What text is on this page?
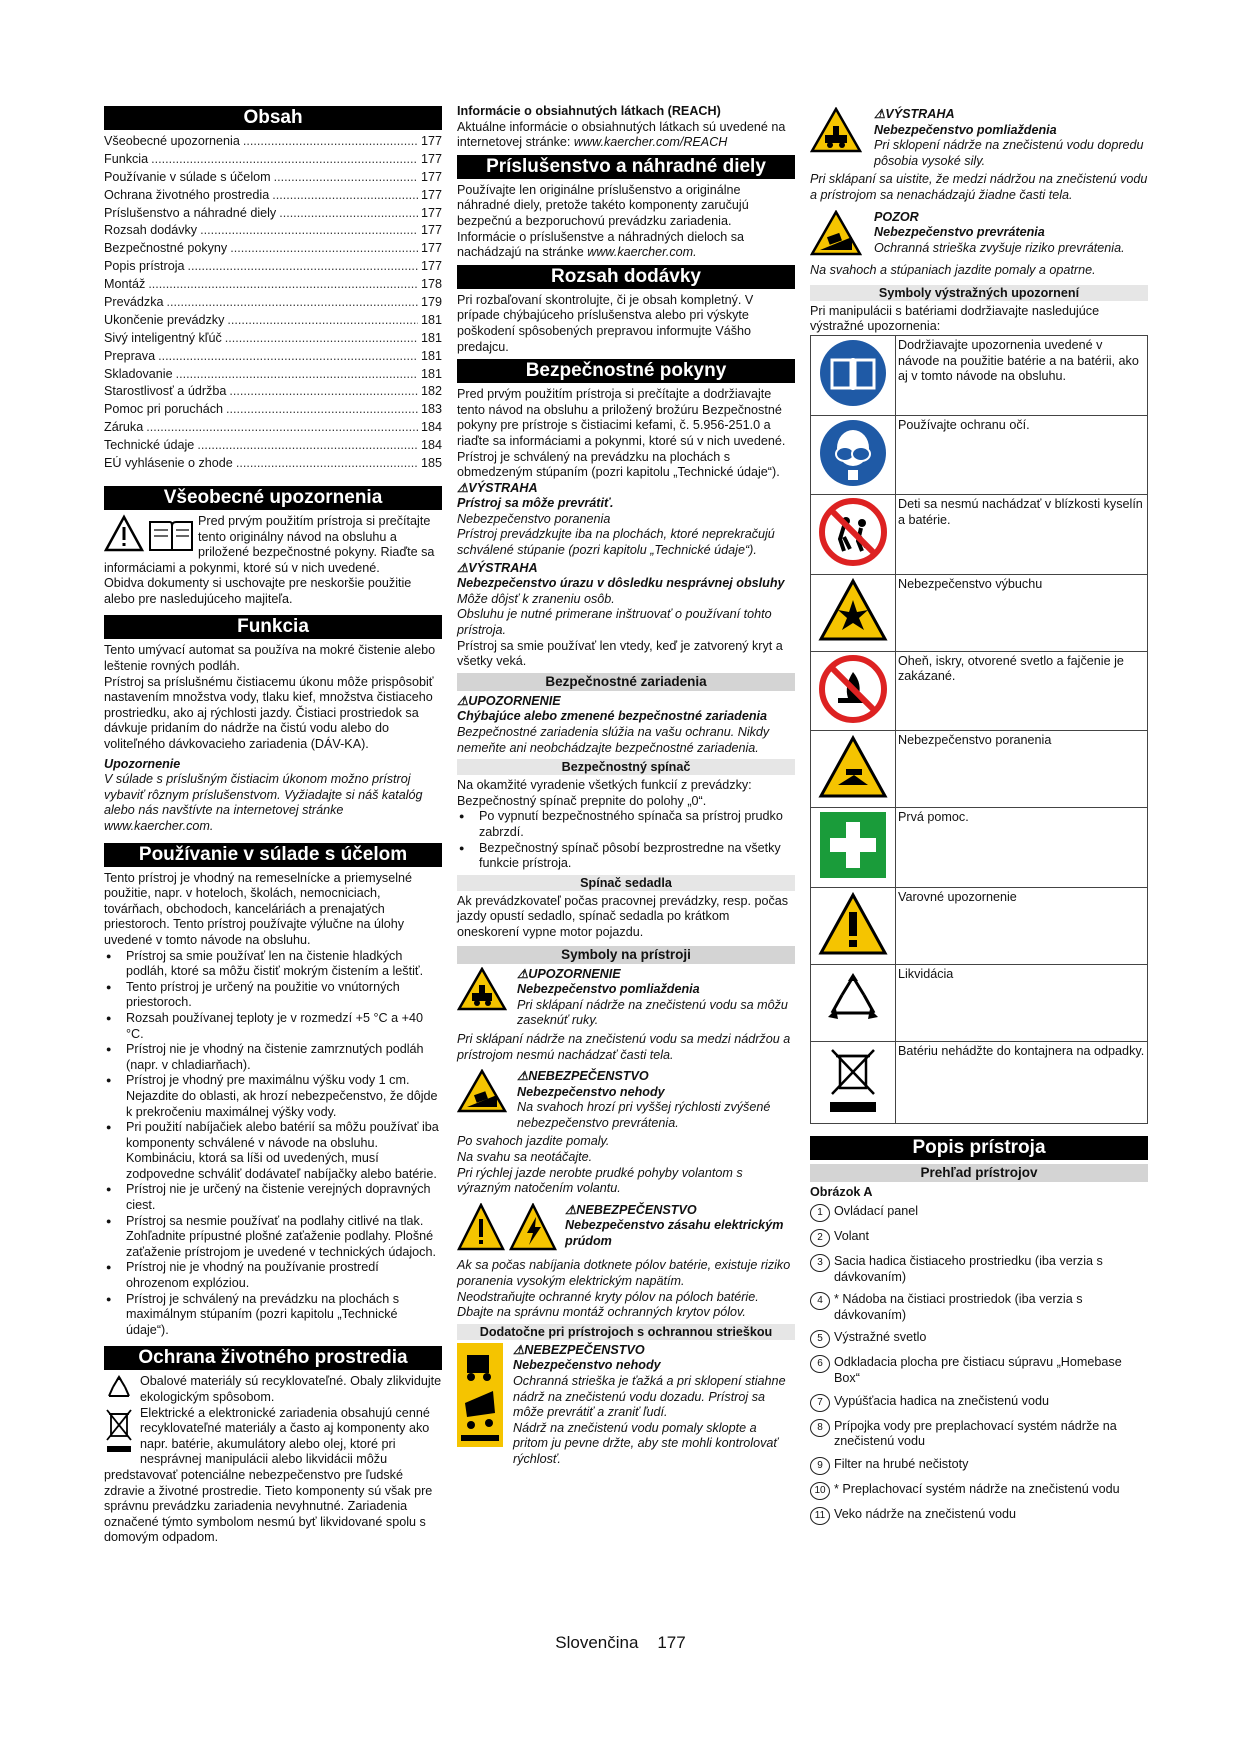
Obsah
Všeobecné upozornenia .....	177
Funkcia .....	177
Používanie v súlade s účelom .....	177
Ochrana životného prostredia .....	177
Príslušenstvo a náhradné diely .....	177
Rozsah dodávky .....	177
Bezpečnostné pokyny .....	177
Popis prístroja .....	177
Montáž .....	178
Prevádzka .....	179
Ukončenie prevádzky .....	181
Sivý inteligentný kľúč .....	181
Preprava .....	181
Skladovanie .....	181
Starostlivosť a údržba .....	182
Pomoc pri poruchách .....	183
Záruka .....	184
Technické údaje .....	184
EÚ vyhlásenie o zhode .....	185
Všeobecné upozornenia

Pred prvým použitím prístroja si prečítajte tento originálny návod na obsluhu a priložené bezpečnostné pokyny. Riaďte sa informáciami a pokynmi, ktoré sú v nich uvedené.

Obidva dokumenty si uschovajte pre neskoršie použitie alebo pre nasledujúceho majiteľa.

Funkcia

Tento umývací automat sa používa na mokré čistenie alebo leštenie rovných podláh.

Prístroj sa príslušnému čistiacemu úkonu môže prispôsobiť nastavením množstva vody, tlaku kief, množstva čistiaceho prostriedku, ako aj rýchlosti jazdy. Čistiaci prostriedok sa dávkuje pridaním do nádrže na čistú vodu alebo do voliteľného dávkovacieho zariadenia (DÁV-KA).

Upozornenie

V súlade s príslušným čistiacim úkonom možno prístroj vybaviť rôznym príslušenstvom. Vyžiadajte si náš katalóg alebo nás navštívte na internetovej stránke www.kaercher.com.

Používanie v súlade s účelom

Tento prístroj je vhodný na remeselnícke a priemyselné použitie, napr. v hoteloch, školách, nemocniciach, továrňach, obchodoch, kanceláriách a prenajatých priestoroch. Tento prístroj používajte výlučne na úlohy uvedené v tomto návode na obsluhu.

● Prístroj sa smie používať len na čistenie hladkých podláh, ktoré sa môžu čistiť mokrým čistením a leštiť.
● Tento prístroj je určený na použitie vo vnútorných priestoroch.
● Rozsah používanej teploty je v rozmedzí +5 °C a +40 °C.
● Prístroj nie je vhodný na čistenie zamrznutých podláh (napr. v chladiarňach).
● Prístroj je vhodný pre maximálnu výšku vody 1 cm. Nejazdite do oblasti, ak hrozí nebezpečenstvo, že dôjde k prekročeniu maximálnej výšky vody.
● Pri použití nabíjačiek alebo batérií sa môžu používať iba komponenty schválené v návode na obsluhu. Kombináciu, ktorá sa líši od uvedených, musí zodpovedne schváliť dodávateľ nabíjačky alebo batérie.
● Prístroj nie je určený na čistenie verejných dopravných ciest.
● Prístroj sa nesmie používať na podlahy citlivé na tlak. Zohľadnite prípustné plošné zaťaženie podlahy. Plošné zaťaženie prístrojom je uvedené v technických údajoch.
● Prístroj nie je vhodný na používanie prostredí ohrozenom explóziou.
● Prístroj je schválený na prevádzku na plochách s maximálnym stúpaním (pozri kapitolu „Technické údaje“).
Ochrana životného prostredia

Obalové materiály sú recyklovateľné. Obaly zlikvidujte ekologickým spôsobom.

Elektrické a elektronické zariadenia obsahujú cenné recyklovateľné materiály a často aj komponenty ako napr. batérie, akumulátory alebo olej, ktoré pri nesprávnej manipulácii alebo likvidácii môžu predstavovať potenciálne nebezpečenstvo pre ľudské zdravie a životné prostredie. Tieto komponenty sú však pre správnu prevádzku zariadenia nevyhnutné. Zariadenia označené týmto symbolom nesmú byť likvidované spolu s domovým odpadom.

Informácie o obsiahnutých látkach (REACH)

Aktuálne informácie o obsiahnutých látkach sú uvedené na internetovej stránke: www.kaercher.com/REACH

Príslušenstvo a náhradné diely

Používajte len originálne príslušenstvo a originálne náhradné diely, pretože takéto komponenty zaručujú bezpečnú a bezporuchovú prevádzku zariadenia.

Informácie o príslušenstve a náhradných dieloch sa nachádzajú na stránke www.kaercher.com.

Rozsah dodávky

Pri rozbaľovaní skontrolujte, či je obsah kompletný. V prípade chýbajúceho príslušenstva alebo pri výskyte poškodení spôsobených prepravou informujte Vášho predajcu.

Bezpečnostné pokyny

Pred prvým použitím prístroja si prečítajte a dodržiavajte tento návod na obsluhu a priložený brožúru Bezpečnostné pokyny pre prístroje s čistiacimi kefami, č. 5.956-251.0 a riaďte sa informáciami a pokynmi, ktoré sú v nich uvedené.

Prístroj je schválený na prevádzku na plochách s obmedzeným stúpaním (pozri kapitolu „Technické údaje“).

⚠VÝSTRAHA

Prístroj sa môže prevrátiť.

Nebezpečenstvo poranenia

Prístroj prevádzkujte iba na plochách, ktoré neprekračujú schválené stúpanie (pozri kapitolu „Technické údaje“).

⚠VÝSTRAHA

Nebezpečenstvo úrazu v dôsledku nesprávnej obsluhy

Môže dôjsť k zraneniu osôb.

Obsluhu je nutné primerane inštruovať o používaní tohto prístroja.

Prístroj sa smie používať len vtedy, keď je zatvorený kryt a všetky veká.

Bezpečnostné zariadenia

⚠UPOZORNENIE

Chýbajúce alebo zmenené bezpečnostné zariadenia

Bezpečnostné zariadenia slúžia na vašu ochranu. Nikdy nemeňte ani neobchádzajte bezpečnostné zariadenia.

Bezpečnostný spínač

Na okamžité vyradenie všetkých funkcií z prevádzky: Bezpečnostný spínač prepnite do polohy „0“.

● Po vypnutí bezpečnostného spínača sa prístroj prudko zabrzdí.
● Bezpečnostný spínač pôsobí bezprostredne na všetky funkcie prístroja.
Spínač sedadla

Ak prevádzkovateľ počas pracovnej prevádzky, resp. počas jazdy opustí sedadlo, spínač sedadla po krátkom oneskorení vypne motor pojazdu.

Symboly na prístroji

⚠UPOZORNENIE

Nebezpečenstvo pomliaždenia

Pri sklápaní nádrže na znečistenú vodu sa môžu zaseknúť ruky.

Pri sklápaní nádrže na znečistenú vodu sa medzi nádržou a prístrojom nesmú nachádzať časti tela.

⚠NEBEZPEČENSTVO

Nebezpečenstvo nehody

Na svahoch hrozí pri vyššej rýchlosti zvýšené nebezpečenstvo prevrátenia.

Po svahoch jazdite pomaly.

Na svahu sa neotáčajte.

Pri rýchlej jazde nerobte prudké pohyby volantom s výrazným natočením volantu.

⚠NEBEZPEČENSTVO

Nebezpečenstvo zásahu elektrickým prúdom

Ak sa počas nabíjania dotknete pólov batérie, existuje riziko poranenia vysokým elektrickým napätím.

Neodstraňujte ochranné kryty pólov na póloch batérie.

Dbajte na správnu montáž ochranných krytov pólov.

Dodatočne pri prístrojoch s ochrannou strieškou

⚠NEBEZPEČENSTVO

Nebezpečenstvo nehody

Ochranná strieška je ťažká a pri sklopení stiahne nádrž na znečistenú vodu dozadu. Prístroj sa môže prevrátiť a zraniť ľudí.

Nádrž na znečistenú vodu pomaly sklopte a pritom ju pevne držte, aby ste mohli kontrolovať rýchlosť.

⚠VÝSTRAHA

Nebezpečenstvo pomliaždenia

Pri sklopení nádrže na znečistenú vodu dopredu pôsobia vysoké sily.

Pri sklápaní sa uistite, že medzi nádržou na znečistenú vodu a prístrojom sa nenachádzajú žiadne časti tela.

POZOR

Nebezpečenstvo prevrátenia

Ochranná strieška zvyšuje riziko prevrátenia.

Na svahoch a stúpaniach jazdite pomaly a opatrne.

Symboly výstražných upozornení

Pri manipulácii s batériami dodržiavajte nasledujúce výstražné upozornenia:

	Dodržiavajte upozornenia uvedené v návode na použitie batérie a na batérii, ako aj v tomto návode na obsluhu.
	Používajte ochranu očí.
	Deti sa nesmú nachádzať v blízkosti kyselín a batérie.
	Nebezpečenstvo výbuchu
	Oheň, iskry, otvorené svetlo a fajčenie je zakázané.
	Nebezpečenstvo poranenia
	Prvá pomoc.
	Varovné upozornenie
	Likvidácia
	Batériu nehádžte do kontajnera na odpadky.
Popis prístroja
Prehľad prístrojov

Obrázok A

1 Ovládací panel
2 Volant
3 Sacia hadica čistiaceho prostriedku (iba verzia s dávkovaním)
4 * Nádoba na čistiaci prostriedok (iba verzia s dávkovaním)
5 Výstražné svetlo
6 Odkladacia plocha pre čistiacu súpravu „Homebase Box“
7 Vypúšťacia hadica na znečistenú vodu
8 Prípojka vody pre preplachovací systém nádrže na znečistenú vodu
9 Filter na hrubé nečistoty
10 * Preplachovací systém nádrže na znečistenú vodu
11 Veko nádrže na znečistenú vodu
Slovenčina 177
